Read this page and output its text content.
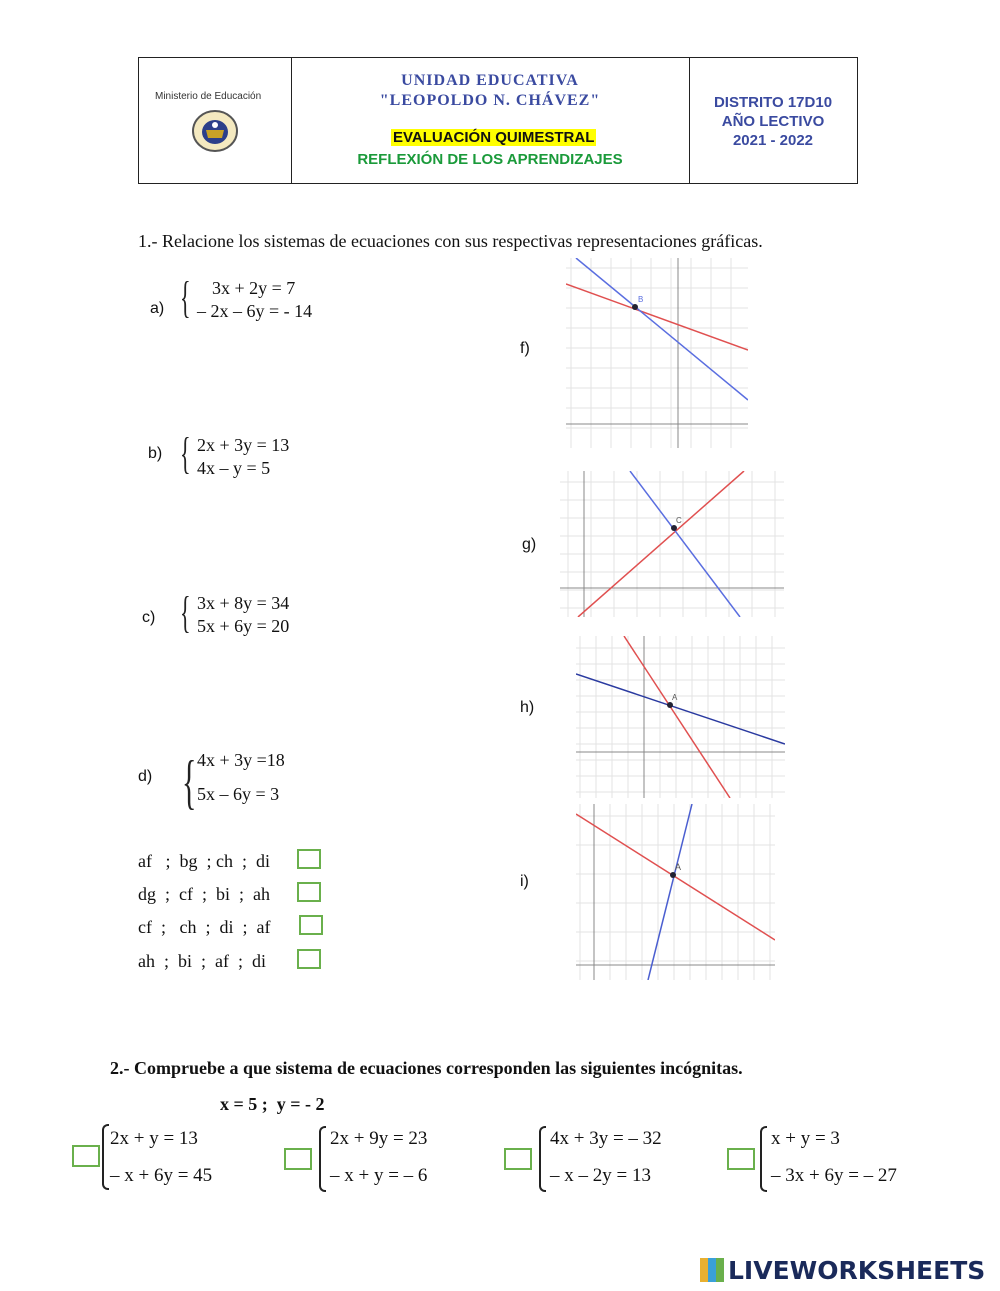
Ministerio de Educación
UNIDAD EDUCATIVA
"LEOPOLDO N. CHÁVEZ"
EVALUACIÓN QUIMESTRAL
REFLEXIÓN DE LOS APRENDIZAJES
DISTRITO 17D10
AÑO LECTIVO
2021 - 2022
1.- Relacione los sistemas de ecuaciones con sus respectivas representaciones gráficas.
a) { 3x + 2y = 7
– 2x – 6y = - 14
b) { 2x + 3y = 13
4x – y = 5
c) { 3x + 8y = 34
5x + 6y = 20
d) { 4x + 3y =18
5x – 6y = 3
af   ;  bg  ; ch  ;  di
dg  ;  cf  ;  bi  ;  ah
cf  ;   ch  ;  di  ;  af
ah  ;  bi  ;  af  ;  di
f)
g)
h)
i)
B
C
A
A
2.- Compruebe a que sistema de ecuaciones corresponden las siguientes incógnitas.
x = 5 ;  y = - 2
2x + y = 13
– x + 6y = 45
2x + 9y = 23
– x + y = – 6
4x + 3y = – 32
– x – 2y = 13
x + y = 3
– 3x + 6y = – 27
LIVEWORKSHEETS
